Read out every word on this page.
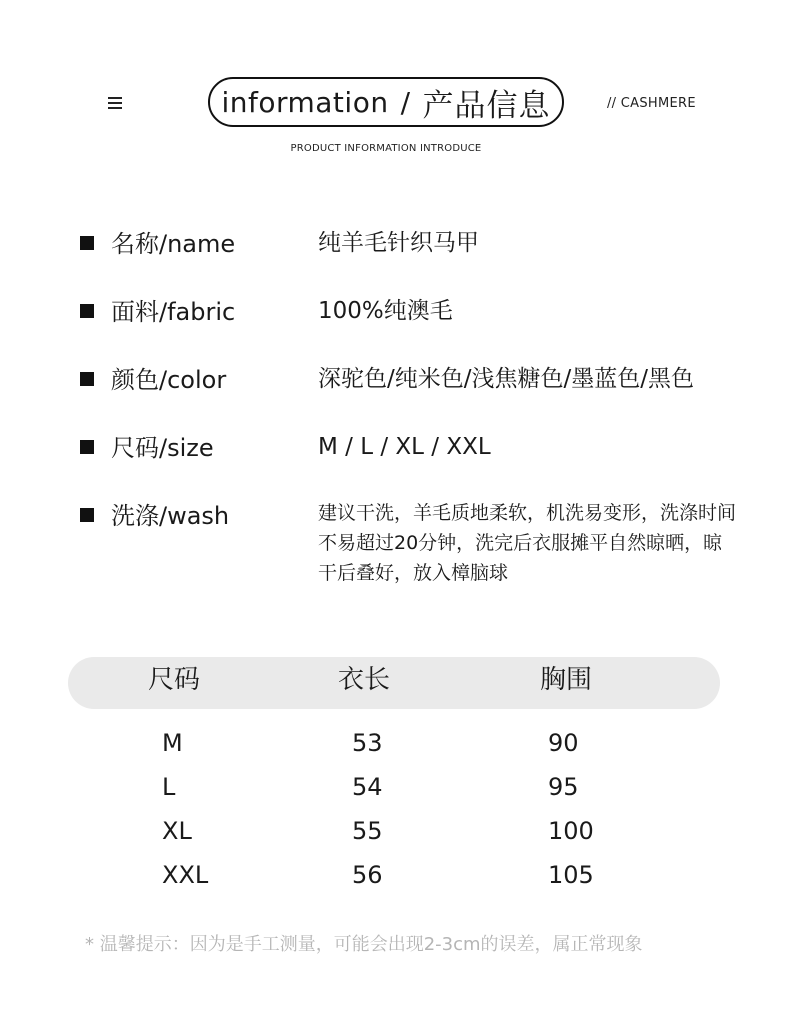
information / 产品信息	// CASHMERE
PRODUCT INFORMATION INTRODUCE
名称/name	纯羊毛针织马甲
面料/fabric	100%纯澳毛
颜色/color	深驼色/纯米色/浅焦糖色/墨蓝色/黑色
尺码/size	M / L / XL / XXL
洗涤/wash	建议干洗，羊毛质地柔软，机洗易变形，洗涤时间不易超过20分钟，洗完后衣服摊平自然晾晒，晾干后叠好，放入樟脑球
尺码	衣长	胸围
M	53	90
L	54	95
XL	55	100
XXL	56	105
* 温馨提示：因为是手工测量，可能会出现2-3cm的误差，属正常现象
